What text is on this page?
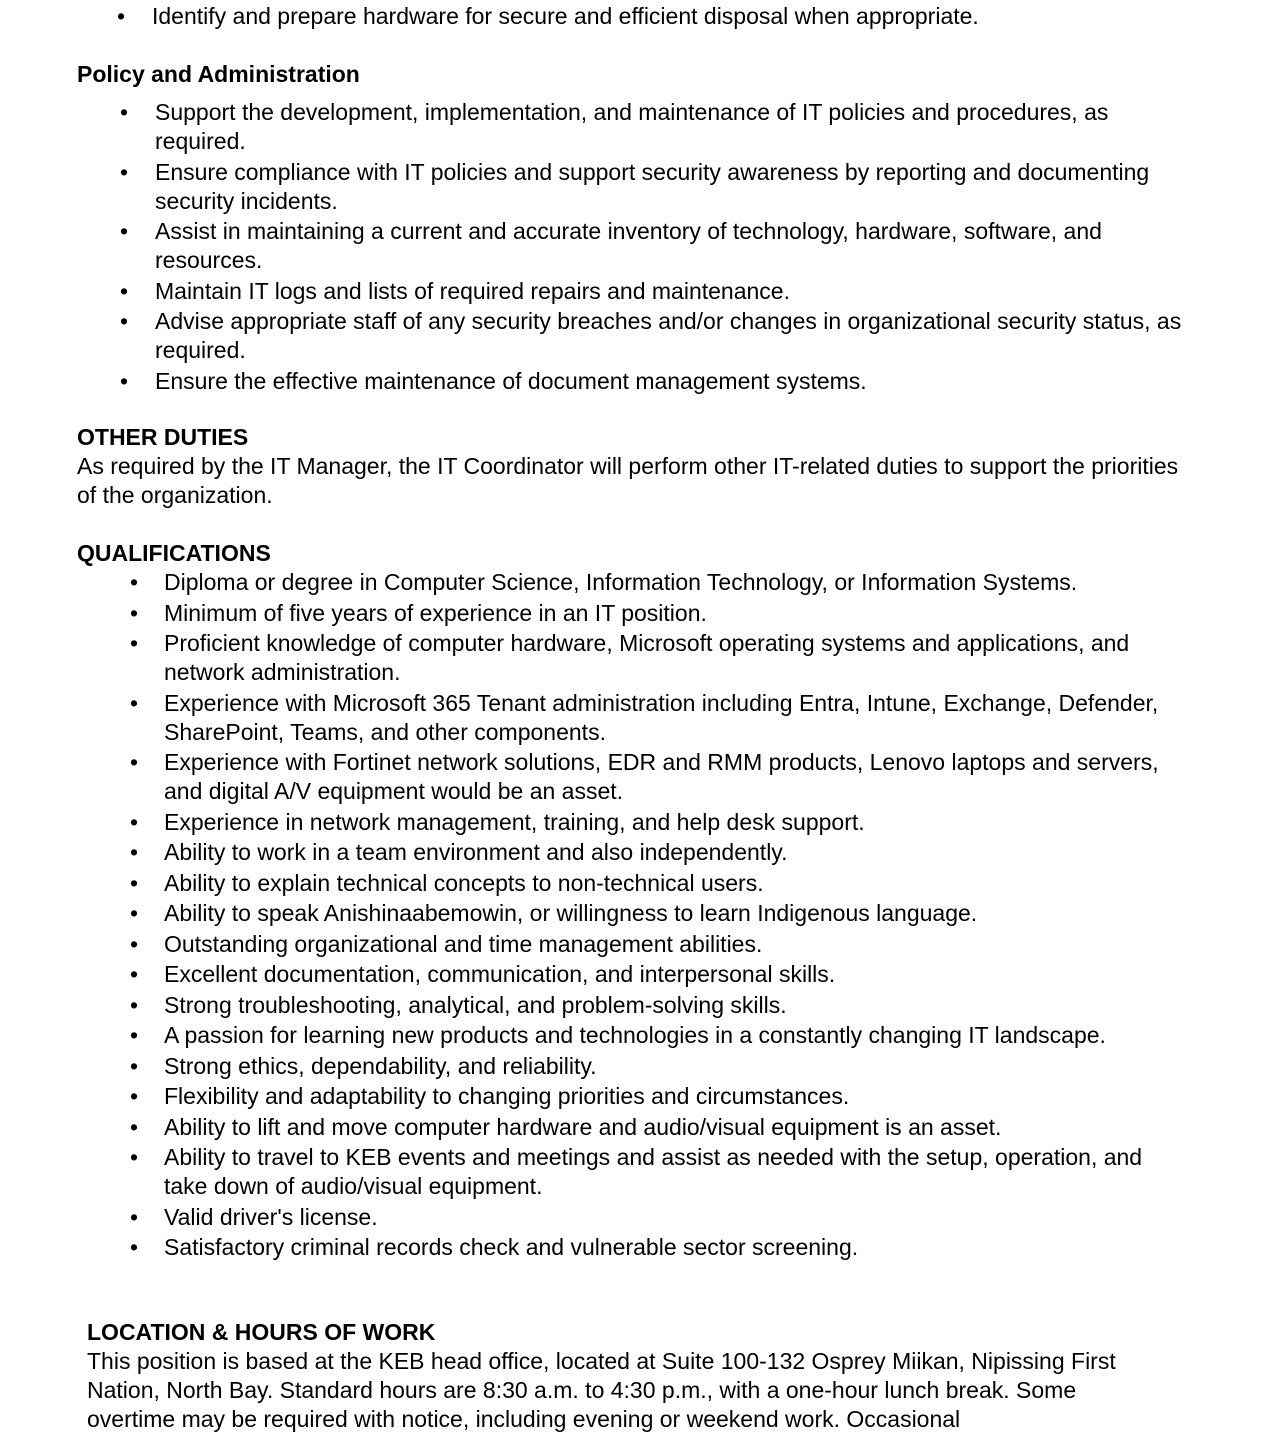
• Identify and prepare hardware for secure and efficient disposal when appropriate.

Policy and Administration

• Support the development, implementation, and maintenance of IT policies and procedures, as required.
• Ensure compliance with IT policies and support security awareness by reporting and documenting security incidents.
• Assist in maintaining a current and accurate inventory of technology, hardware, software, and resources.
• Maintain IT logs and lists of required repairs and maintenance.
• Advise appropriate staff of any security breaches and/or changes in organizational security status, as required.
• Ensure the effective maintenance of document management systems.

OTHER DUTIES

As required by the IT Manager, the IT Coordinator will perform other IT-related duties to support the priorities of the organization.

QUALIFICATIONS

• Diploma or degree in Computer Science, Information Technology, or Information Systems.
• Minimum of five years of experience in an IT position.
• Proficient knowledge of computer hardware, Microsoft operating systems and applications, and network administration.
• Experience with Microsoft 365 Tenant administration including Entra, Intune, Exchange, Defender, SharePoint, Teams, and other components.
• Experience with Fortinet network solutions, EDR and RMM products, Lenovo laptops and servers, and digital A/V equipment would be an asset.
• Experience in network management, training, and help desk support.
• Ability to work in a team environment and also independently.
• Ability to explain technical concepts to non-technical users.
• Ability to speak Anishinaabemowin, or willingness to learn Indigenous language.
• Outstanding organizational and time management abilities.
• Excellent documentation, communication, and interpersonal skills.
• Strong troubleshooting, analytical, and problem-solving skills.
• A passion for learning new products and technologies in a constantly changing IT landscape.
• Strong ethics, dependability, and reliability.
• Flexibility and adaptability to changing priorities and circumstances.
• Ability to lift and move computer hardware and audio/visual equipment is an asset.
• Ability to travel to KEB events and meetings and assist as needed with the setup, operation, and take down of audio/visual equipment.
• Valid driver's license.
• Satisfactory criminal records check and vulnerable sector screening.

LOCATION & HOURS OF WORK

This position is based at the KEB head office, located at Suite 100-132 Osprey Miikan, Nipissing First Nation, North Bay. Standard hours are 8:30 a.m. to 4:30 p.m., with a one-hour lunch break. Some overtime may be required with notice, including evening or weekend work. Occasional
